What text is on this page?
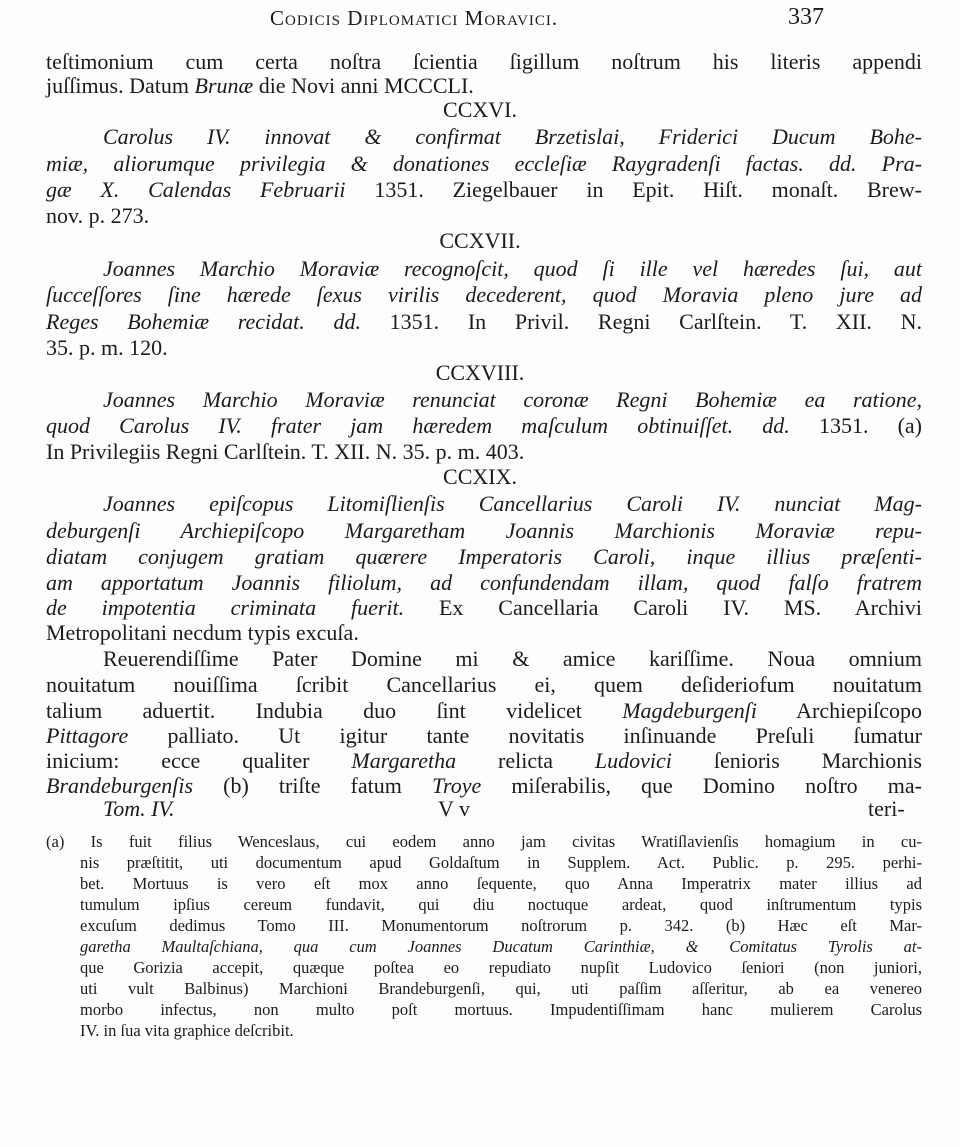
Codicis Diplomatici Moravici.	337
teſtimonium cum certa noſtra ſcientia ſigillum noſtrum his literis appendi
juſſimus. Datum Brunæ die Novi anni MCCCLI.
CCXVI.
Carolus IV. innovat & confirmat Brzetislai, Friderici Ducum Bohe-
miæ, aliorumque privilegia & donationes eccleſiæ Raygradenſi factas. dd. Pra-
gæ X. Calendas Februarii 1351. Ziegelbauer in Epit. Hiſt. monaſt. Brew-
nov. p. 273.
CCXVII.
Joannes Marchio Moraviæ recognoſcit, quod ſi ille vel hæredes ſui, aut
ſucceſſores ſine hærede ſexus virilis decederent, quod Moravia pleno jure ad
Reges Bohemiæ recidat. dd. 1351. In Privil. Regni Carlſtein. T. XII. N.
35. p. m. 120.
CCXVIII.
Joannes Marchio Moraviæ renunciat coronæ Regni Bohemiæ ea ratione,
quod Carolus IV. frater jam hæredem maſculum obtinuiſſet. dd. 1351. (a)
In Privilegiis Regni Carlſtein. T. XII. N. 35. p. m. 403.
CCXIX.
Joannes epiſcopus Litomiſlienſis Cancellarius Caroli IV. nunciat Mag-
deburgenſi Archiepiſcopo Margaretham Joannis Marchionis Moraviæ repu-
diatam conjugem gratiam quærere Imperatoris Caroli, inque illius præſenti-
am apportatum Joannis filiolum, ad confundendam illam, quod falſo fratrem
de impotentia criminata fuerit. Ex Cancellaria Caroli IV. MS. Archivi
Metropolitani necdum typis excuſa.
Reuerendiſſime Pater Domine mi & amice kariſſime. Noua omnium
nouitatum nouiſſima ſcribit Cancellarius ei, quem deſideriofum nouitatum
talium aduertit. Indubia duo ſint videlicet Magdeburgenſi Archiepiſcopo
Pittagore palliato. Ut igitur tante novitatis inſinuande Preſuli ſumatur
inicium: ecce qualiter Margaretha relicta Ludovici ſenioris Marchionis
Brandeburgenſis (b) triſte fatum Troye miſerabilis, que Domino noſtro ma-
Tom. IV.	V v	teri-
(a) Is fuit filius Wenceslaus, cui eodem anno jam civitas Wratiſlavienſis homagium in cu-
nis præſtitit, uti documentum apud Goldaſtum in Supplem. Act. Public. p. 295. perhi-
bet. Mortuus is vero eſt mox anno ſequente, quo Anna Imperatrix mater illius ad
tumulum ipſius cereum fundavit, qui diu noctuque ardeat, quod inſtrumentum typis
excuſum dedimus Tomo III. Monumentorum noſtrorum p. 342. (b) Hæc eſt Mar-
garetha Maultaſchiana, qua cum Joannes Ducatum Carinthiæ, & Comitatus Tyrolis at-
que Gorizia accepit, quæque poſtea eo repudiato nupſit Ludovico ſeniori (non juniori,
uti vult Balbinus) Marchioni Brandeburgenſi, qui, uti paſſim aſſeritur, ab ea venereo
morbo infectus, non multo poſt mortuus. Impudentiſſimam hanc mulierem Carolus
IV. in ſua vita graphice deſcribit.
